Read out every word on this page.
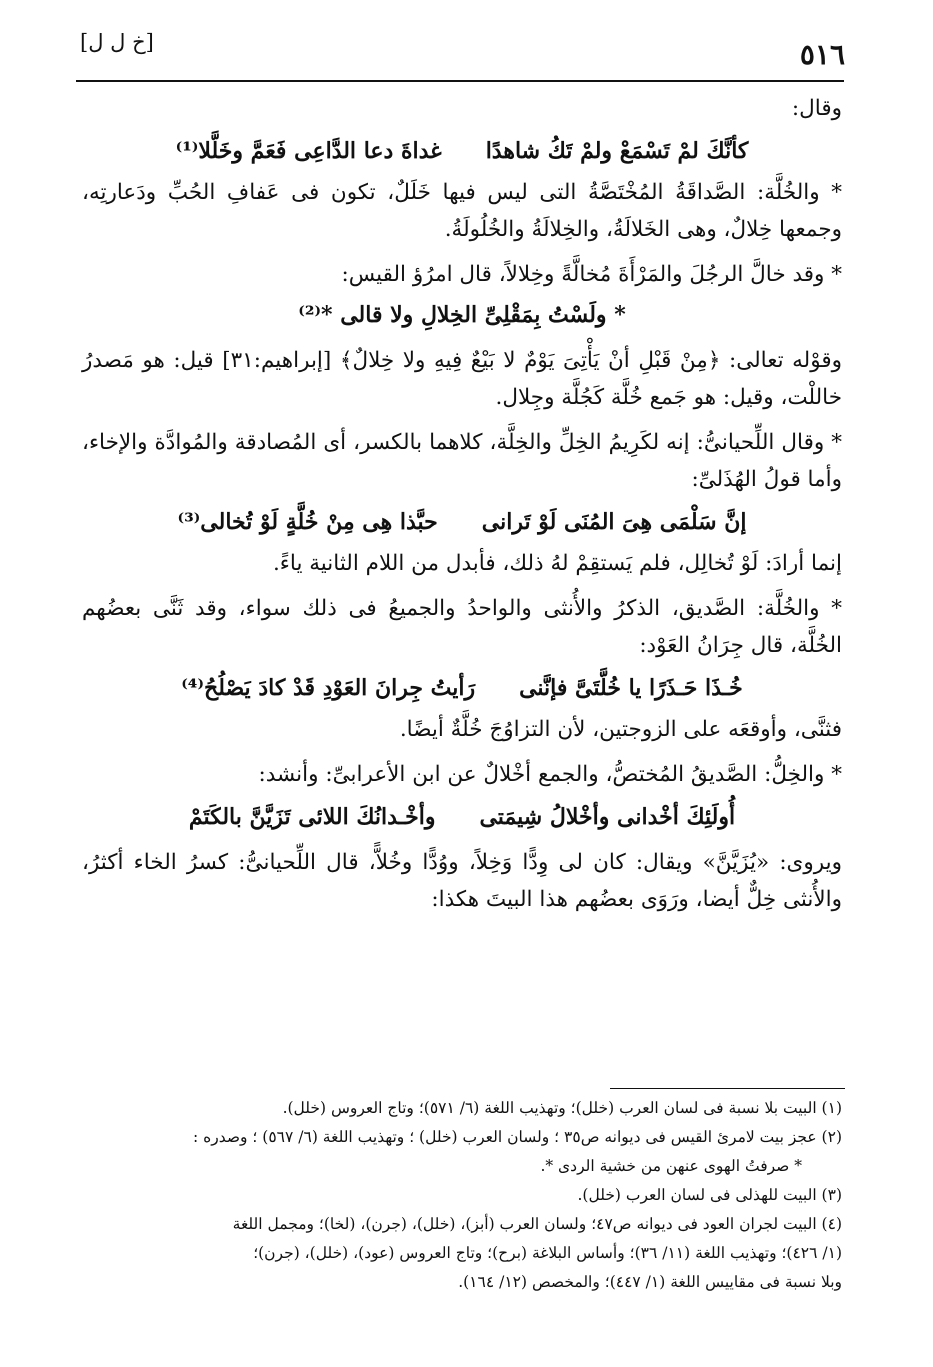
[خ ل ل]	٥١٦

وقال:

كأنَّكَ لمْ تَسْمَعْ ولمْ تَكُ شاهدًا
غداةَ دعا الدَّاعِى فَعَمَّ وخَلَّلا⁽¹⁾

* والخُلَّة: الصَّداقَةُ المُخْتَصَّةُ التى ليس فيها خَلَلٌ، تكون فى عَفافِ الحُبِّ ودَعارتِه، وجمعها خِلالٌ، وهى الخَلالَةُ، والخِلالَةُ والخُلُولَةُ.

* وقد خالَّ الرجُلَ والمَرْأَةَ مُخالَّةً وخِلالاً، قال امرُؤ القيس:

* ولَسْتُ بِمَقْلِىِّ الخِلالِ ولا قالى *⁽²⁾

وقوْله تعالى: ﴿مِنْ قَبْلِ أنْ يَأْتِىَ يَوْمٌ لا بَيْعٌ فِيهِ ولا خِلالٌ﴾ [إبراهيم:٣١] قيل: هو مَصدرُ خاللْت، وقيل: هو جَمع خُلَّة كَجُلَّة وجِلال.

* وقال اللِّحيانىُّ: إنه لكَرِيمُ الخِلِّ والخِلَّة، كلاهما بالكسر، أى المُصادقة والمُوادَّة والإخاء، وأما قولُ الهُذَلىِّ:

إنَّ سَلْمَى هِىَ المُنَى لَوْ تَرانى
حبَّذا هِى مِنْ خُلَّةٍ لَوْ تُخالى⁽³⁾

إنما أرادَ: لَوْ تُخالِل، فلم يَستقِمْ لهُ ذلك، فأبدل من اللام الثانية ياءً.

* والخُلَّة: الصَّديق، الذكرُ والأُنثى والواحدُ والجميعُ فى ذلك سواء، وقد ثَنَّى بعضُهم الخُلَّة، قال جِرَانُ العَوْد:

خُـذَا حَـذَرًا يا خُلَّتَىَّ فإنَّنى
رَأيتُ جِرانَ العَوْدِ قَدْ كادَ يَصْلُحُ⁽⁴⁾

فثنَّى، وأوقعَه على الزوجتين، لأن التزاوُجَ خُلَّةٌ أيضًا.

* والخِلُّ: الصَّديقُ المُختصُّ، والجمع أخْلالٌ عن ابن الأعرابىِّ: وأنشد:

أُولَئِكَ أخْدانى وأخْلالُ شِيمَتى
وأخْـدانُكَ اللائى تَزَيَّنَّ بالكَتَمْ

ويروى: «يُزَيَّنَّ» ويقال: كان لى وِدًّا وَخِلاً، ووُدًّا وخُلاًّ، قال اللِّحيانىُّ: كسرُ الخاء أكثرُ، والأُنثى خِلٌّ أيضا، ورَوَى بعضُهم هذا البيتَ هكذا:

(١) البيت بلا نسبة فى لسان العرب (خلل)؛ وتهذيب اللغة (٦/ ٥٧١)؛ وتاج العروس (خلل).

(٢) عجز بيت لامرئ القيس فى ديوانه ص٣٥ ؛ ولسان العرب (خلل) ؛ وتهذيب اللغة (٦/ ٥٦٧) ؛ وصدره :

* صرفتُ الهوى عنهن من خشية الردى *.

(٣) البيت للهذلى فى لسان العرب (خلل).

(٤) البيت لجران العود فى ديوانه ص٤٧؛ ولسان العرب (أبز)، (خلل)، (جرن)، (لخا)؛ ومجمل اللغة

(١/ ٤٢٦)؛ وتهذيب اللغة (١١/ ٣٦)؛ وأساس البلاغة (برح)؛ وتاج العروس (عود)، (خلل)، (جرن)؛

وبلا نسبة فى مقاييس اللغة (١/ ٤٤٧)؛ والمخصص (١٢/ ١٦٤).
